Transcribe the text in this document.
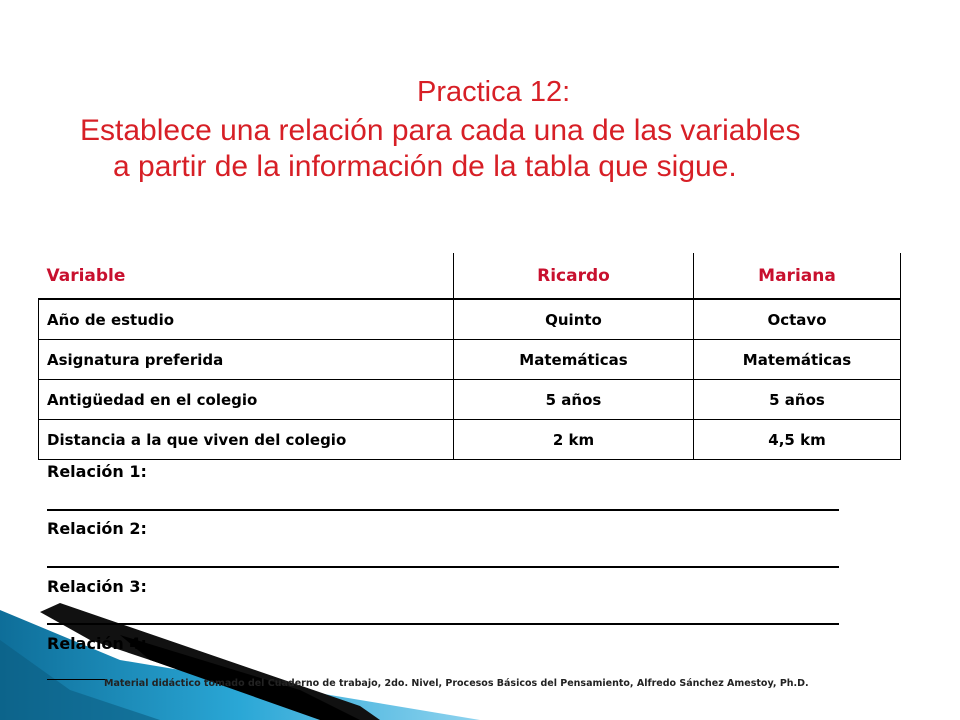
Practica 12:
Establece una relación para cada una de las variables
a partir de la información de la tabla que sigue.
Variable	Ricardo	Mariana
Año de estudio	Quinto	Octavo
Asignatura preferida	Matemáticas	Matemáticas
Antigüedad en el colegio	5 años	5 años
Distancia a la que viven del colegio	2 km	4,5 km
Relación 1:
Relación 2:
Relación 3:
Relación 4:
Material didáctico tomado del Cuaderno de trabajo, 2do. Nivel, Procesos Básicos del Pensamiento, Alfredo Sánchez Amestoy, Ph.D.
